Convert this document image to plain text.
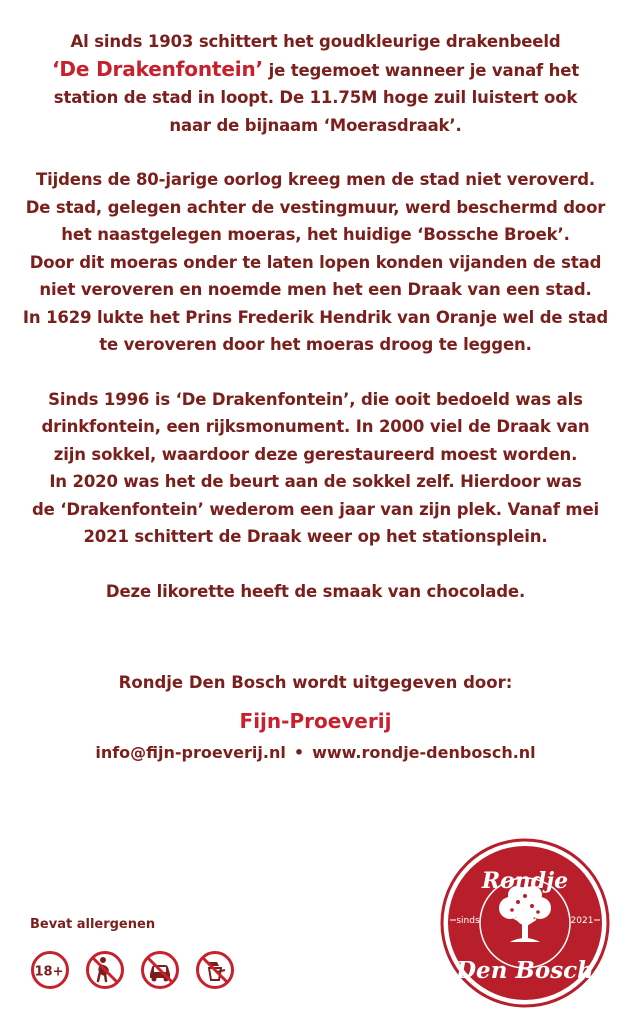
Al sinds 1903 schittert het goudkleurige drakenbeeld
‘De Drakenfontein’ je tegemoet wanneer je vanaf het
station de stad in loopt. De 11.75M hoge zuil luistert ook
naar de bijnaam ‘Moerasdraak’.
Tijdens de 80-jarige oorlog kreeg men de stad niet veroverd.
De stad, gelegen achter de vestingmuur, werd beschermd door
het naastgelegen moeras, het huidige ‘Bossche Broek’.
Door dit moeras onder te laten lopen konden vijanden de stad
niet veroveren en noemde men het een Draak van een stad.
In 1629 lukte het Prins Frederik Hendrik van Oranje wel de stad
te veroveren door het moeras droog te leggen.
Sinds 1996 is ‘De Drakenfontein’, die ooit bedoeld was als
drinkfontein, een rijksmonument. In 2000 viel de Draak van
zijn sokkel, waardoor deze gerestaureerd moest worden.
In 2020 was het de beurt aan de sokkel zelf. Hierdoor was
de ‘Drakenfontein’ wederom een jaar van zijn plek. Vanaf mei
2021 schittert de Draak weer op het stationsplein.
Deze likorette heeft de smaak van chocolade.
Rondje Den Bosch wordt uitgegeven door:
Fijn-Proeverij
info@fijn-proeverij.nl • www.rondje-denbosch.nl
Bevat allergenen
18+
Rondje
sinds	2021
Den Bosch
